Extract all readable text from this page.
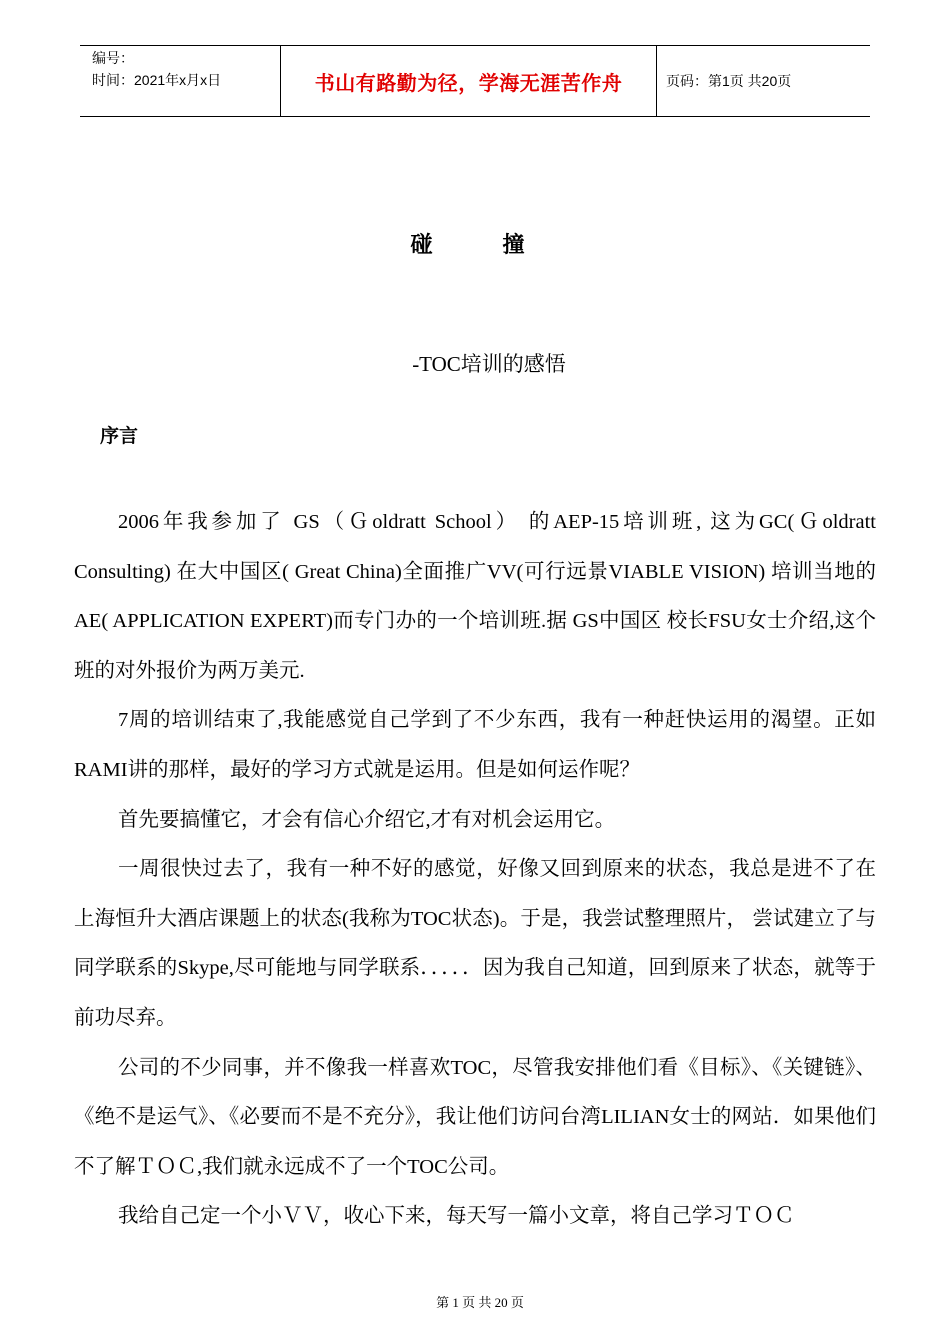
编号：
时间：2021年x月x日	书山有路勤为径，学海无涯苦作舟	页码：第1页 共20页
碰撞
-TOC培训的感悟
序言

2006年我参加了 GS（Ｇoldratt School） 的AEP-15培训班, 这为GC(Ｇoldratt Consulting) 在大中国区( Great China)全面推广VV(可行远景VIABLE VISION) 培训当地的 AE( APPLICATION EXPERT)而专门办的一个培训班.据 GS中国区 校长FSU女士介绍,这个班的对外报价为两万美元.

7周的培训结束了,我能感觉自己学到了不少东西，我有一种赶快运用的渴望。正如RAMI讲的那样，最好的学习方式就是运用。但是如何运作呢？

首先要搞懂它，才会有信心介绍它,才有对机会运用它。

一周很快过去了，我有一种不好的感觉，好像又回到原来的状态，我总是进不了在上海恒升大酒店课题上的状态(我称为TOC状态)。于是，我尝试整理照片， 尝试建立了与同学联系的Skype,尽可能地与同学联系．．．．．因为我自己知道，回到原来了状态，就等于前功尽弃。

公司的不少同事，并不像我一样喜欢TOC，尽管我安排他们看《目标》、《关键链》、《绝不是运气》、《必要而不是不充分》，我让他们访问台湾LILIAN女士的网站．如果他们不了解ＴＯＣ,我们就永远成不了一个TOC公司。

我给自己定一个小ＶＶ，收心下来，每天写一篇小文章，将自己学习ＴＯＣ

第 1 页 共 20 页
